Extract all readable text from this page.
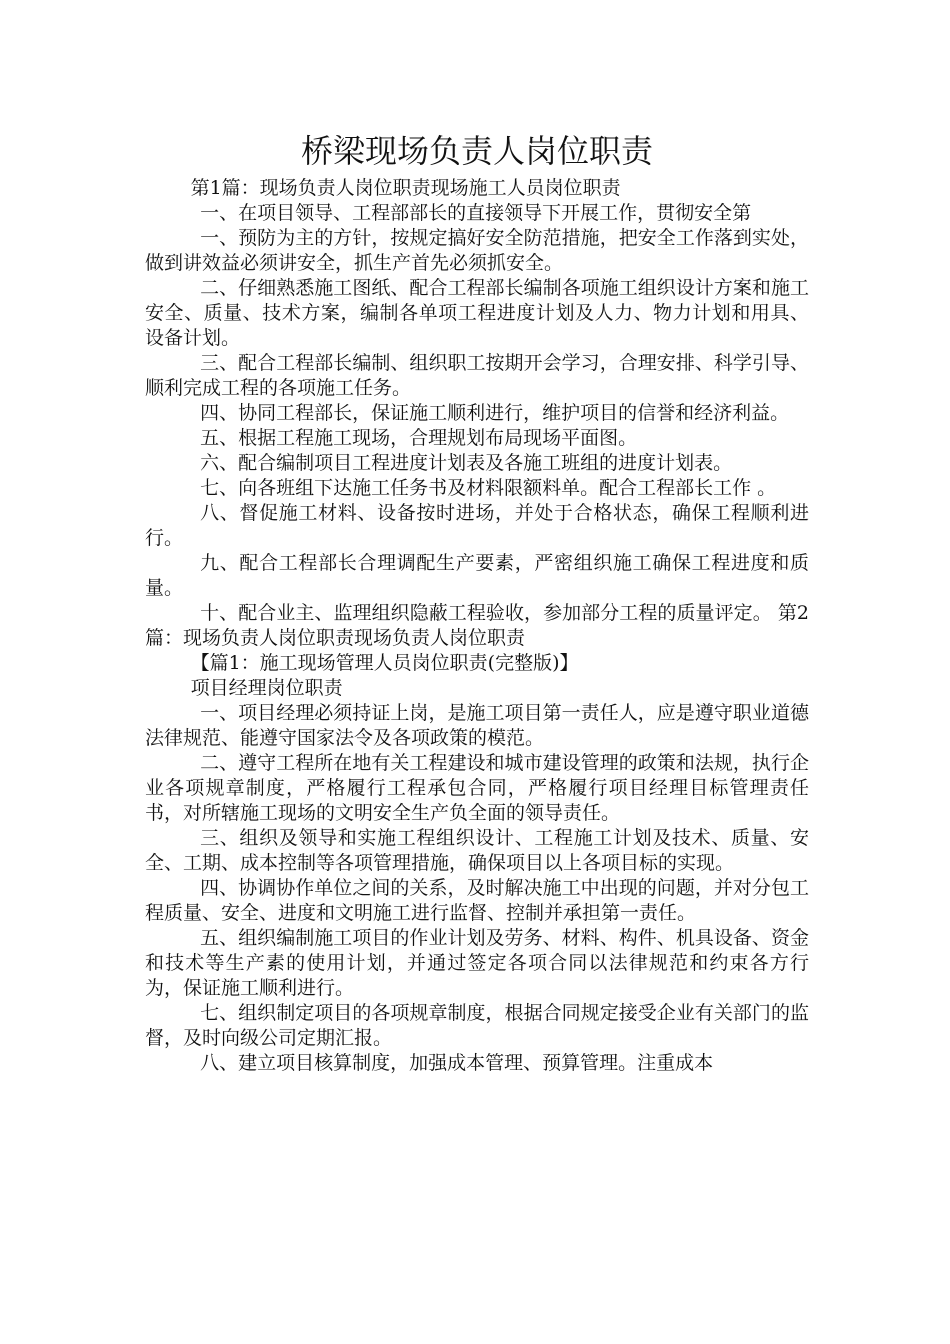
桥梁现场负责人岗位职责

第1篇：现场负责人岗位职责现场施工人员岗位职责

一、在项目领导、工程部部长的直接领导下开展工作，贯彻安全第

一、预防为主的方针，按规定搞好安全防范措施，把安全工作落到实处，做到讲效益必须讲安全，抓生产首先必须抓安全。

二、仔细熟悉施工图纸、配合工程部长编制各项施工组织设计方案和施工安全、质量、技术方案，编制各单项工程进度计划及人力、物力计划和用具、设备计划。

三、配合工程部长编制、组织职工按期开会学习，合理安排、科学引导、顺利完成工程的各项施工任务。

四、协同工程部长，保证施工顺利进行，维护项目的信誉和经济利益。

五、根据工程施工现场，合理规划布局现场平面图。

六、配合编制项目工程进度计划表及各施工班组的进度计划表。

七、向各班组下达施工任务书及材料限额料单。配合工程部长工作 。

八、督促施工材料、设备按时进场，并处于合格状态，确保工程顺利进行。

九、配合工程部长合理调配生产要素，严密组织施工确保工程进度和质量。

十、配合业主、监理组织隐蔽工程验收，参加部分工程的质量评定。 第2篇：现场负责人岗位职责现场负责人岗位职责

【篇1：施工现场管理人员岗位职责(完整版)】

项目经理岗位职责

一、项目经理必须持证上岗，是施工项目第一责任人，应是遵守职业道德法律规范、能遵守国家法令及各项政策的模范。

二、遵守工程所在地有关工程建设和城市建设管理的政策和法规，执行企业各项规章制度，严格履行工程承包合同，严格履行项目经理目标管理责任书，对所辖施工现场的文明安全生产负全面的领导责任。

三、组织及领导和实施工程组织设计、工程施工计划及技术、质量、安全、工期、成本控制等各项管理措施，确保项目以上各项目标的实现。

四、协调协作单位之间的关系，及时解决施工中出现的问题，并对分包工程质量、安全、进度和文明施工进行监督、控制并承担第一责任。

五、组织编制施工项目的作业计划及劳务、材料、构件、机具设备、资金和技术等生产素的使用计划，并通过签定各项合同以法律规范和约束各方行为，保证施工顺利进行。

七、组织制定项目的各项规章制度，根据合同规定接受企业有关部门的监督，及时向级公司定期汇报。

八、建立项目核算制度，加强成本管理、预算管理。注重成本
